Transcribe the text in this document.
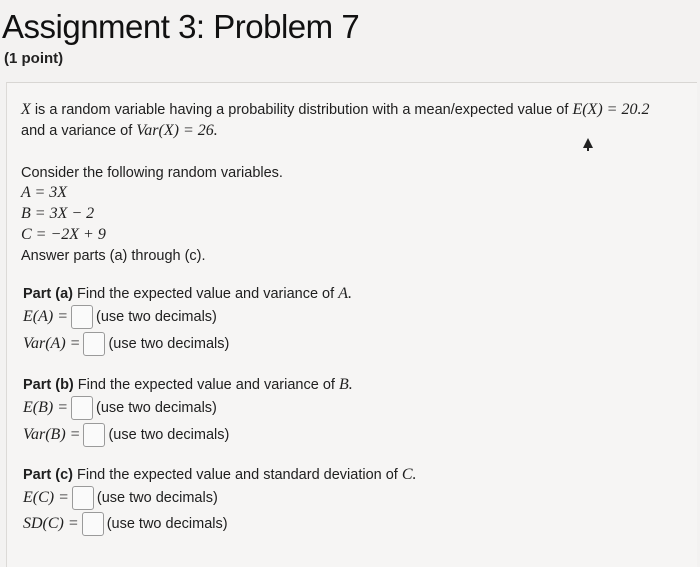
Assignment 3: Problem 7
(1 point)
X is a random variable having a probability distribution with a mean/expected value of E(X) = 20.2
and a variance of Var(X) = 26.
Consider the following random variables.
A = 3X
B = 3X − 2
C = −2X + 9
Answer parts (a) through (c).
Part (a) Find the expected value and variance of A.
E(A) = (use two decimals)
Var(A) = (use two decimals)
Part (b) Find the expected value and variance of B.
E(B) = (use two decimals)
Var(B) = (use two decimals)
Part (c) Find the expected value and standard deviation of C.
E(C) = (use two decimals)
SD(C) = (use two decimals)
